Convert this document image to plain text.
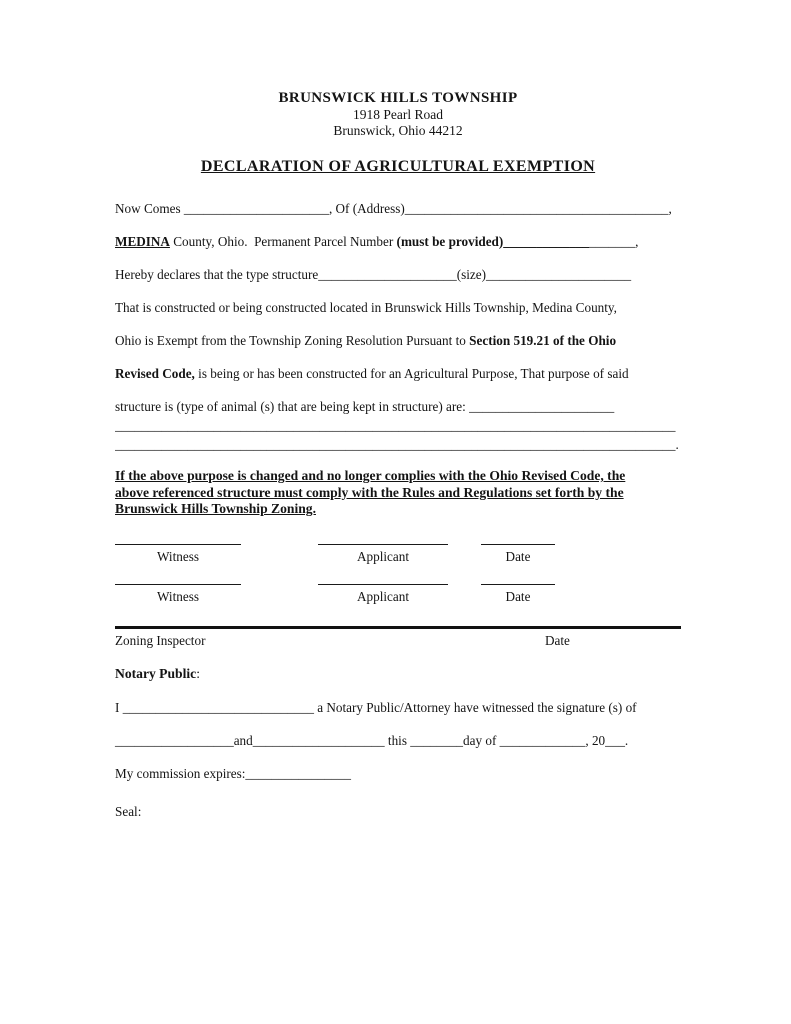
BRUNSWICK HILLS TOWNSHIP
1918 Pearl Road
Brunswick, Ohio 44212
DECLARATION OF AGRICULTURAL EXEMPTION
Now Comes ______________________, Of (Address)________________________________________,
MEDINA County, Ohio.  Permanent Parcel Number (must be provided)____________________,
Hereby declares that the type structure_____________________(size)______________________
That is constructed or being constructed located in Brunswick Hills Township, Medina County,
Ohio is Exempt from the Township Zoning Resolution Pursuant to Section 519.21 of the Ohio
Revised Code, is being or has been constructed for an Agricultural Purpose, That purpose of said
structure is (type of animal (s) that are being kept in structure) are: ______________________
_____________________________________________________________________________________
_____________________________________________________________________________________.
If the above purpose is changed and no longer complies with the Ohio Revised Code, the
above referenced structure must comply with the Rules and Regulations set forth by the
Brunswick Hills Township Zoning.
Witness	Applicant	Date
Witness	Applicant	Date
Zoning Inspector	Date
Notary Public:
I _____________________________ a Notary Public/Attorney have witnessed the signature (s) of
__________________and____________________ this ________day of _____________, 20___.
My commission expires:________________
Seal:
